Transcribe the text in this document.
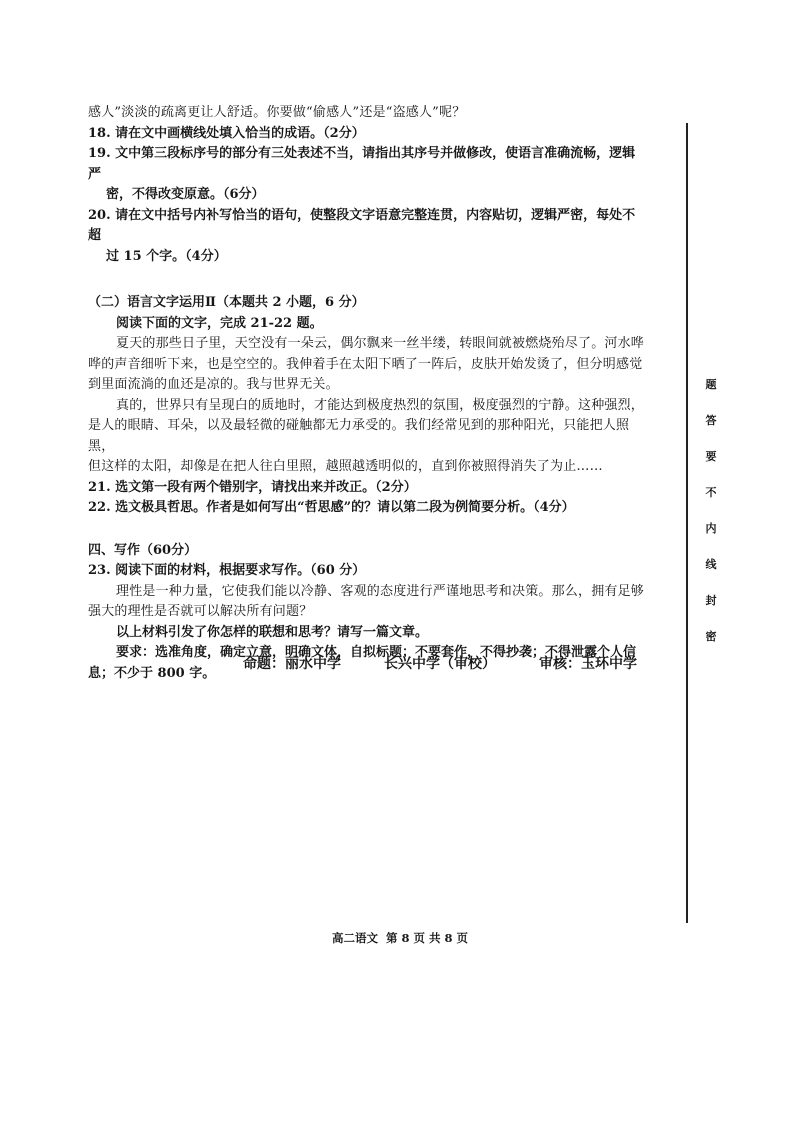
感人”淡淡的疏离更让人舒适。你要做“偷感人”还是“盗感人”呢？

18. 请在文中画横线处填入恰当的成语。（2分）

19. 文中第三段标序号的部分有三处表述不当，请指出其序号并做修改，使语言准确流畅，逻辑严

密，不得改变原意。（6分）

20. 请在文中括号内补写恰当的语句，使整段文字语意完整连贯，内容贴切，逻辑严密，每处不超

过 15 个字。（4分）

（二）语言文字运用Ⅱ（本题共 2 小题，6 分）

阅读下面的文字，完成 21-22 题。

夏天的那些日子里，天空没有一朵云，偶尔飘来一丝半缕，转眼间就被燃烧殆尽了。河水哗

哗的声音细听下来，也是空空的。我伸着手在太阳下晒了一阵后，皮肤开始发烫了，但分明感觉

到里面流淌的血还是凉的。我与世界无关。

真的，世界只有呈现白的质地时，才能达到极度热烈的氛围，极度强烈的宁静。这种强烈，

是人的眼睛、耳朵，以及最轻微的碰触都无力承受的。我们经常见到的那种阳光，只能把人照黑，

但这样的太阳，却像是在把人往白里照，越照越透明似的，直到你被照得消失了为止……

21. 选文第一段有两个错别字，请找出来并改正。（2分）

22. 选文极具哲思。作者是如何写出“哲思感”的？请以第二段为例简要分析。（4分）

四、写作（60分）

23. 阅读下面的材料，根据要求写作。（60 分）

理性是一种力量，它使我们能以冷静、客观的态度进行严谨地思考和决策。那么，拥有足够

强大的理性是否就可以解决所有问题？

以上材料引发了你怎样的联想和思考？请写一篇文章。

要求：选准角度，确定立意，明确文体，自拟标题；不要套作，不得抄袭；不得泄露个人信

息；不少于 800 字。

命题：丽水中学	长兴中学（审校）	审核：玉环中学
高二语文 第 8 页 共 8 页
题
答
要
不
内
线
封
密
